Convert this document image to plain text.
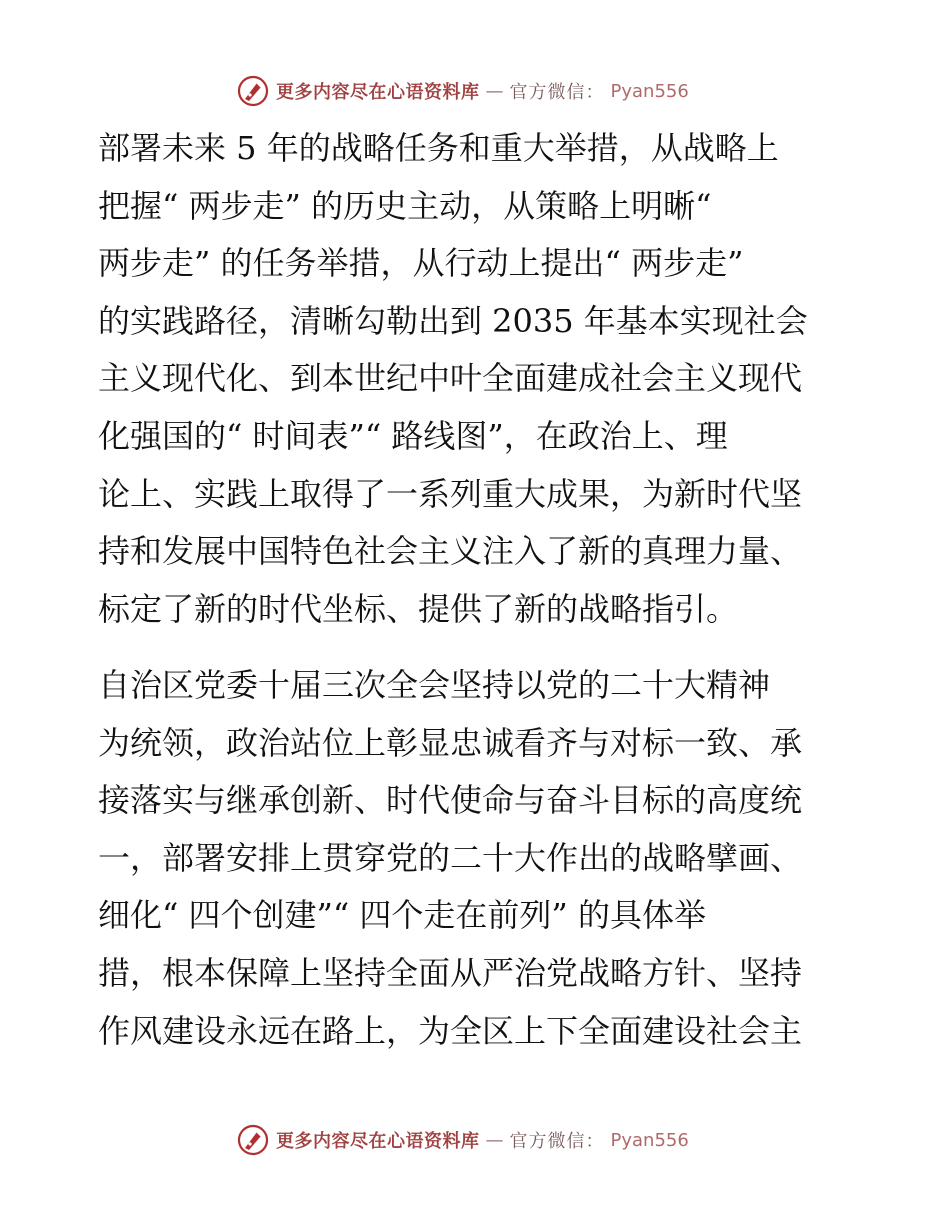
更多内容尽在心语资料库 — 官方微信： Pyan556
部署未来 5 年的战略任务和重大举措，从战略上
把握“ 两步走” 的历史主动，从策略上明晰“
两步走” 的任务举措，从行动上提出“ 两步走”
的实践路径，清晰勾勒出到 2035 年基本实现社会
主义现代化、到本世纪中叶全面建成社会主义现代
化强国的“ 时间表”“ 路线图”，在政治上、理
论上、实践上取得了一系列重大成果，为新时代坚
持和发展中国特色社会主义注入了新的真理力量、
标定了新的时代坐标、提供了新的战略指引。
自治区党委十届三次全会坚持以党的二十大精神
为统领，政治站位上彰显忠诚看齐与对标一致、承
接落实与继承创新、时代使命与奋斗目标的高度统
一，部署安排上贯穿党的二十大作出的战略擘画、
细化“ 四个创建”“ 四个走在前列” 的具体举
措，根本保障上坚持全面从严治党战略方针、坚持
作风建设永远在路上，为全区上下全面建设社会主
更多内容尽在心语资料库 — 官方微信： Pyan556
